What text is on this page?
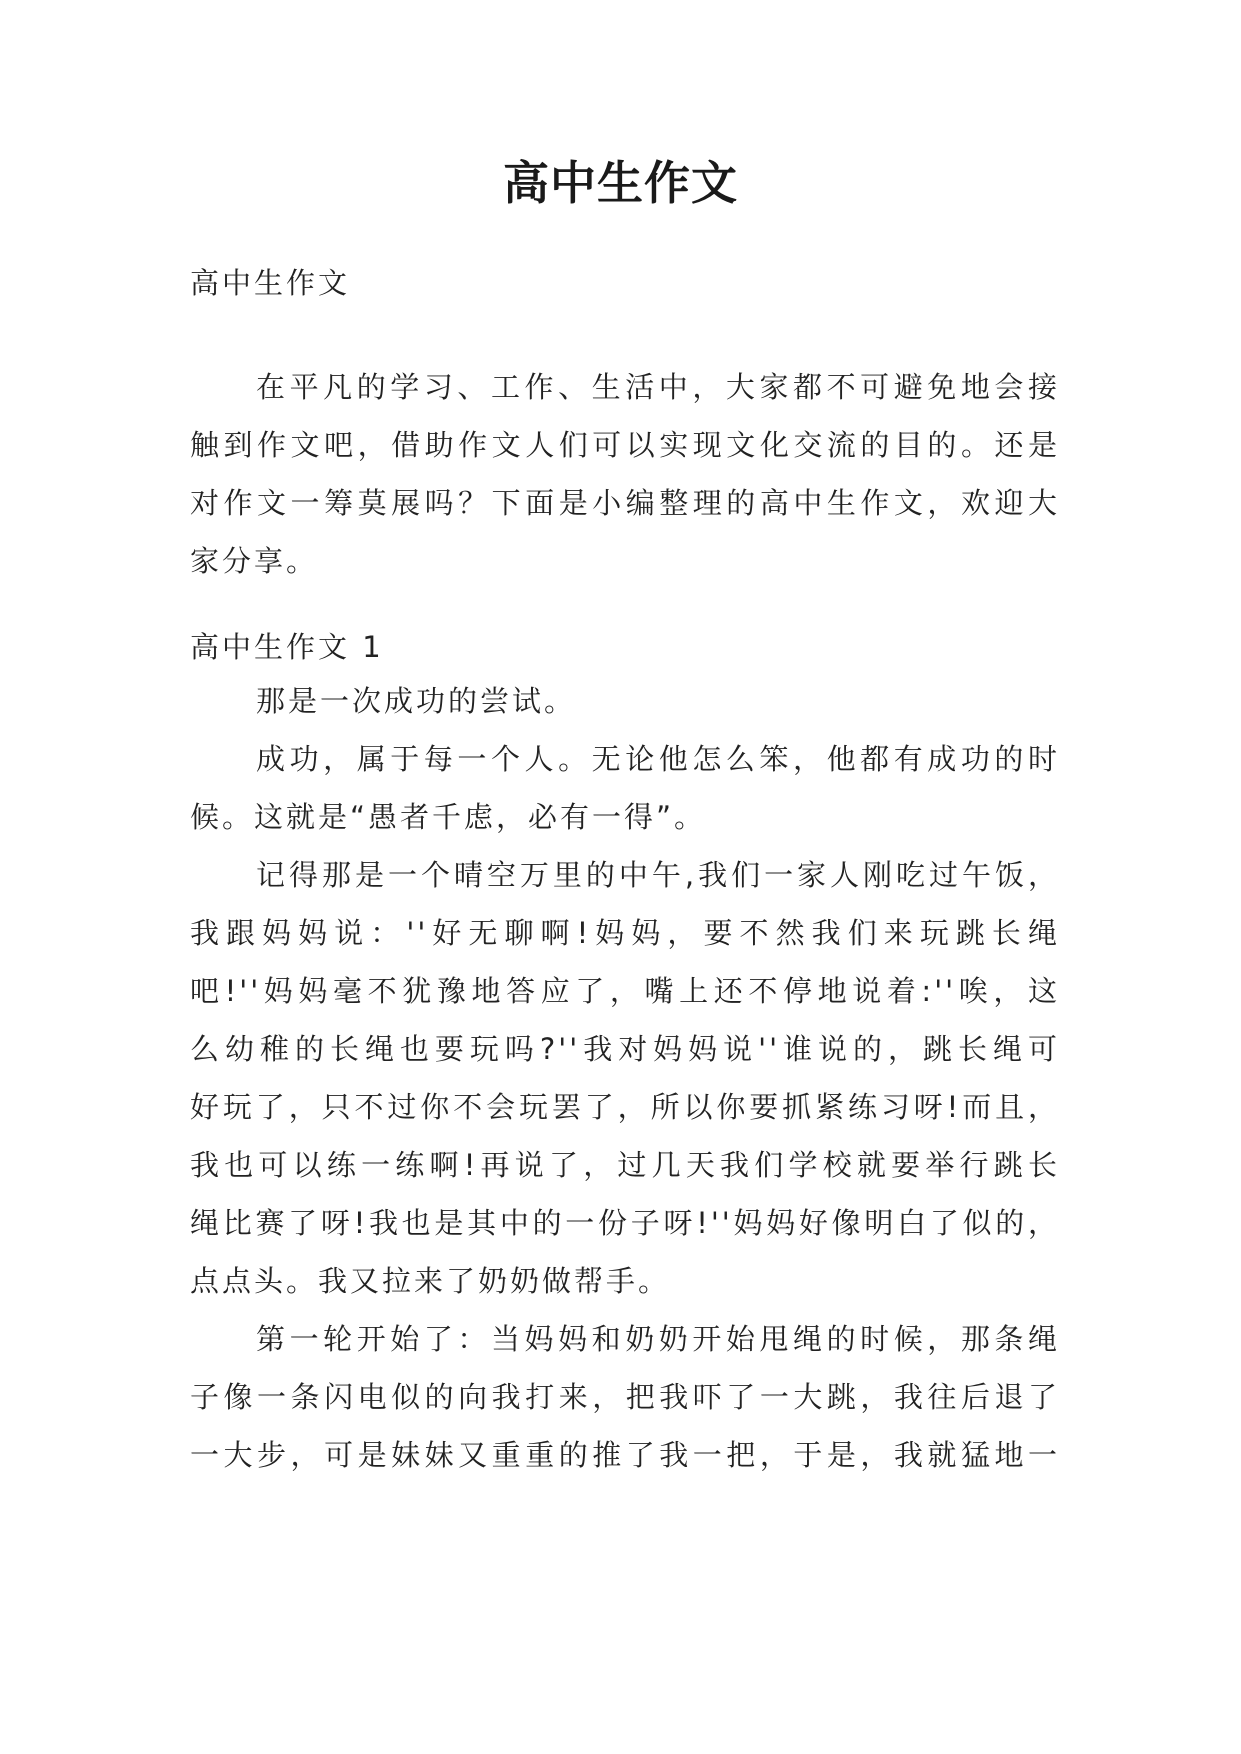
高中生作文
高中生作文
在平凡的学习、工作、生活中，大家都不可避免地会接
触到作文吧，借助作文人们可以实现文化交流的目的。还是
对作文一筹莫展吗？下面是小编整理的高中生作文，欢迎大
家分享。
高中生作文 1
那是一次成功的尝试。
成功，属于每一个人。无论他怎么笨，他都有成功的时
候。这就是“愚者千虑，必有一得”。
记得那是一个晴空万里的中午,我们一家人刚吃过午饭，
我跟妈妈说：''好无聊啊!妈妈，要不然我们来玩跳长绳
吧!''妈妈毫不犹豫地答应了，嘴上还不停地说着:''唉，这
么幼稚的长绳也要玩吗?''我对妈妈说''谁说的，跳长绳可
好玩了，只不过你不会玩罢了，所以你要抓紧练习呀!而且，
我也可以练一练啊!再说了，过几天我们学校就要举行跳长
绳比赛了呀!我也是其中的一份子呀!''妈妈好像明白了似的，
点点头。我又拉来了奶奶做帮手。
第一轮开始了：当妈妈和奶奶开始甩绳的时候，那条绳
子像一条闪电似的向我打来，把我吓了一大跳，我往后退了
一大步，可是妹妹又重重的推了我一把，于是，我就猛地一
